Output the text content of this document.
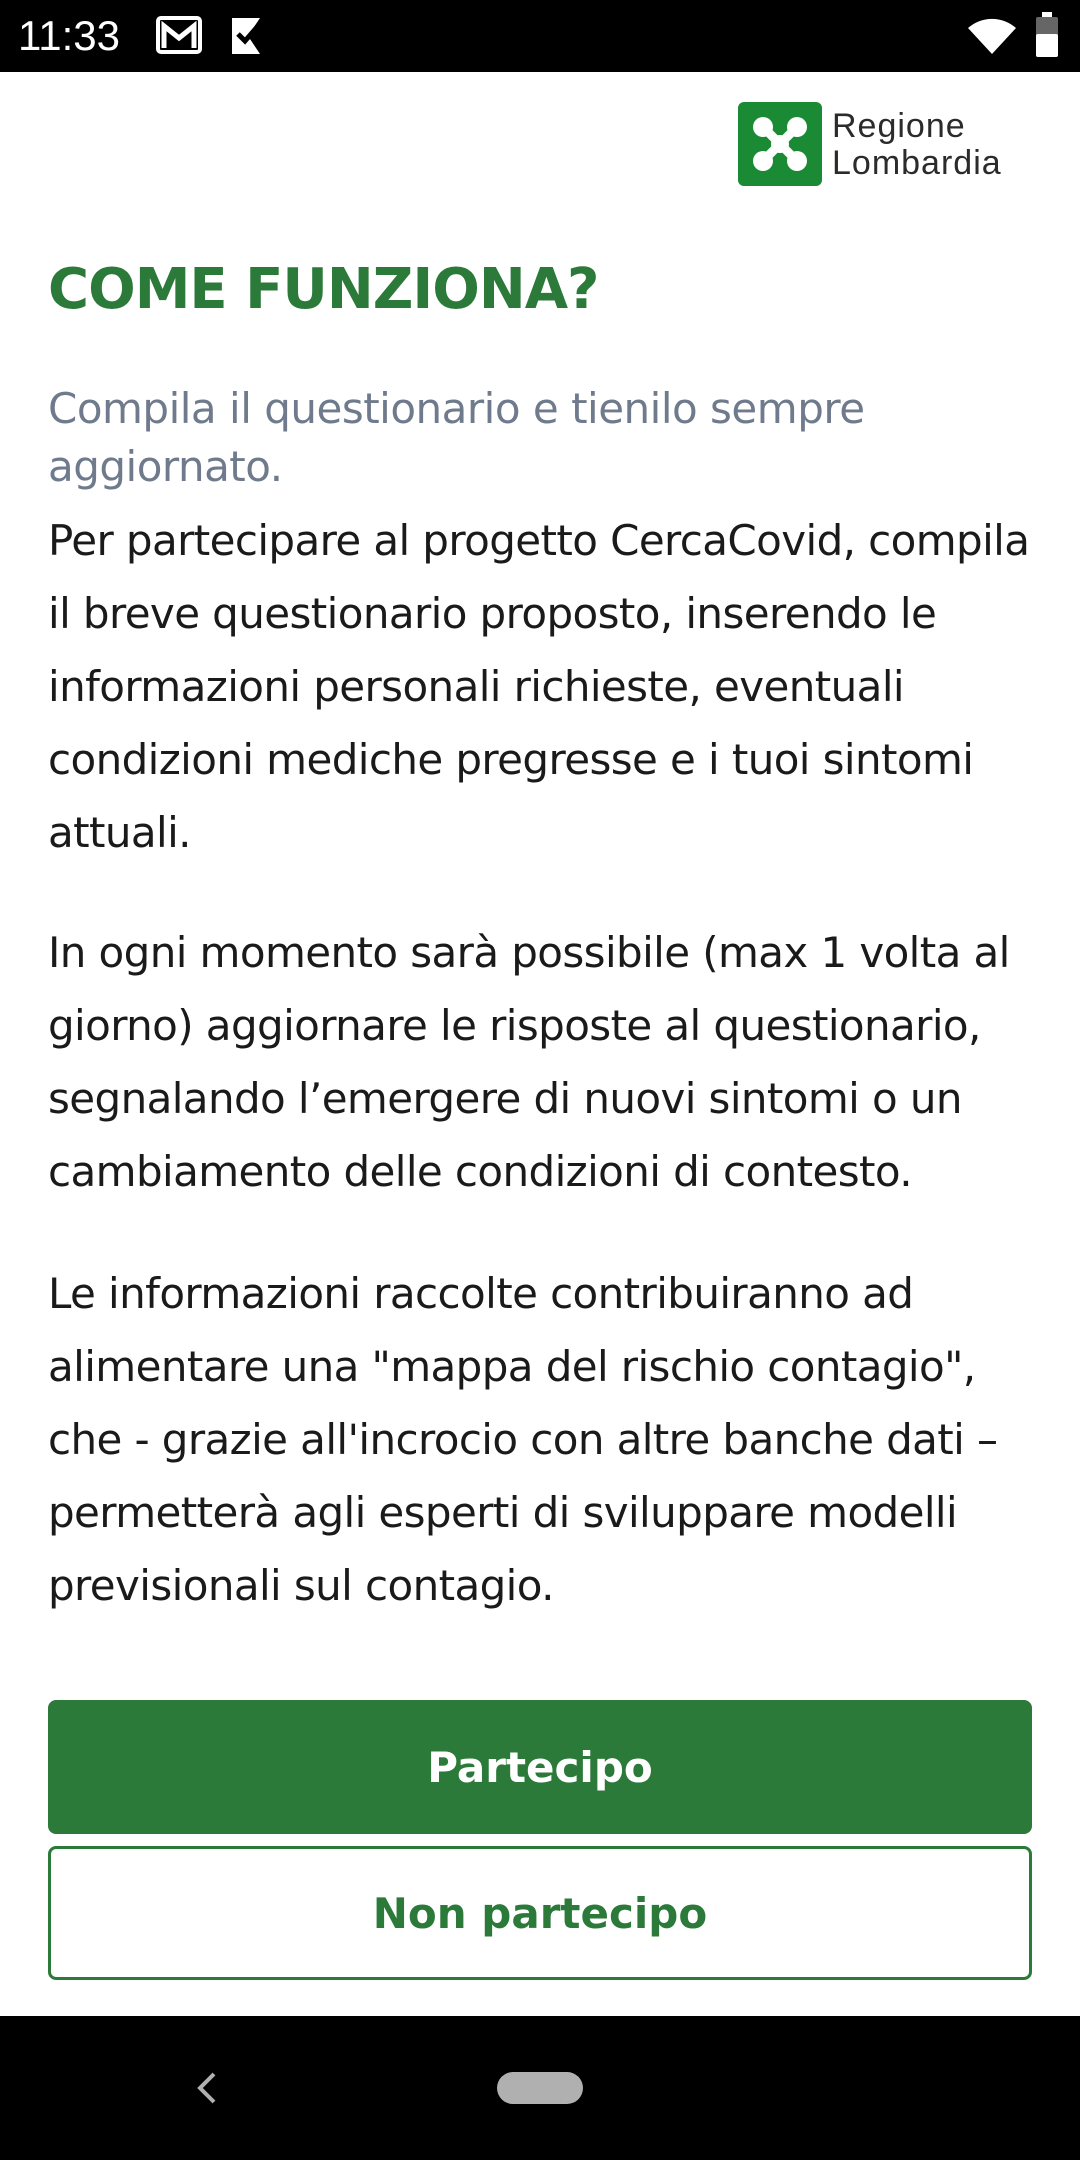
11:33
Regione
Lombardia
COME FUNZIONA?

Compila il questionario e tienilo sempre aggiornato.

Per partecipare al progetto CercaCovid, compila il breve questionario proposto, inserendo le informazioni personali richieste, eventuali condizioni mediche pregresse e i tuoi sintomi attuali.

In ogni momento sarà possibile (max 1 volta al giorno) aggiornare le risposte al questionario, segnalando l’emergere di nuovi sintomi o un cambiamento delle condizioni di contesto.

Le informazioni raccolte contribuiranno ad alimentare una "mappa del rischio contagio", che - grazie all'incrocio con altre banche dati – permetterà agli esperti di sviluppare modelli previsionali sul contagio.

Partecipo
Non partecipo
